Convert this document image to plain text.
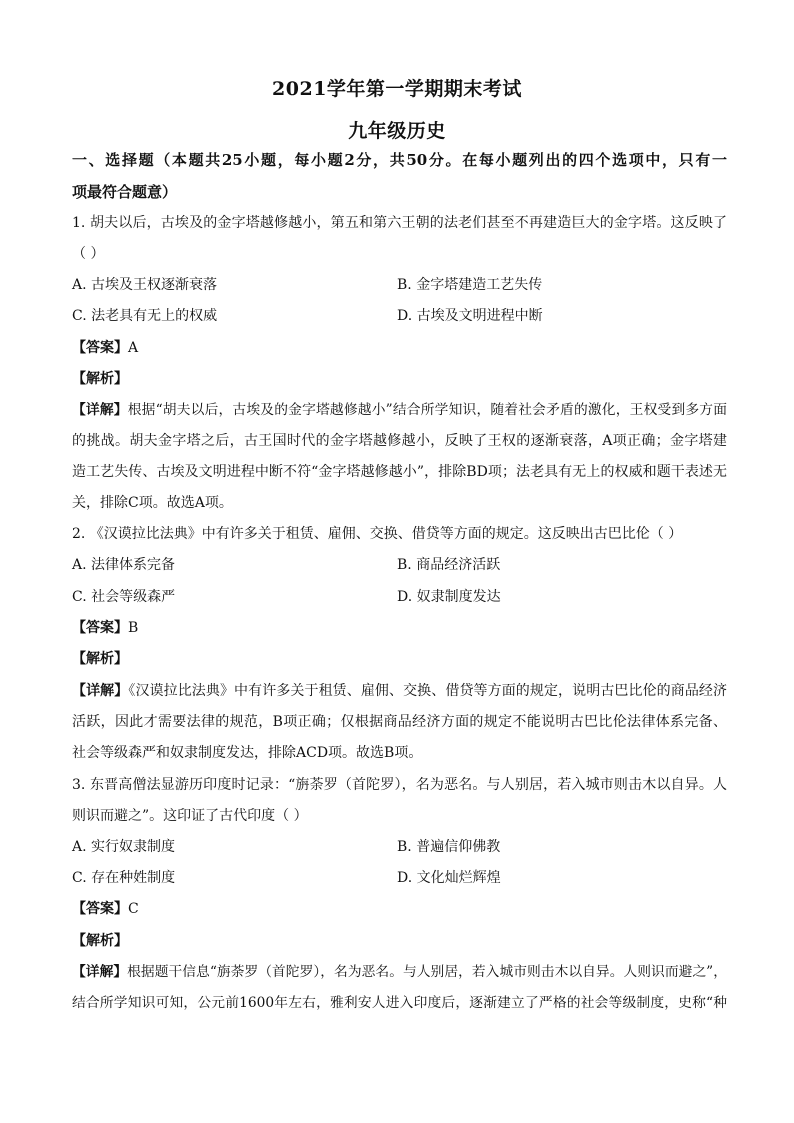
2021学年第一学期期末考试
九年级历史
一、选择题（本题共25小题，每小题2分，共50分。在每小题列出的四个选项中，只有一
项最符合题意）
1. 胡夫以后，古埃及的金字塔越修越小，第五和第六王朝的法老们甚至不再建造巨大的金字塔。这反映了
（ ）
A. 古埃及王权逐渐衰落	B. 金字塔建造工艺失传
C. 法老具有无上的权威	D. 古埃及文明进程中断
【答案】A
【解析】
【详解】根据“胡夫以后，古埃及的金字塔越修越小”结合所学知识，随着社会矛盾的激化，王权受到多方面
的挑战。胡夫金字塔之后，古王国时代的金字塔越修越小，反映了王权的逐渐衰落，A项正确；金字塔建
造工艺失传、古埃及文明进程中断不符“金字塔越修越小”，排除BD项；法老具有无上的权威和题干表述无
关，排除C项。故选A项。
2. 《汉谟拉比法典》中有许多关于租赁、雇佣、交换、借贷等方面的规定。这反映出古巴比伦（ ）
A. 法律体系完备	B. 商品经济活跃
C. 社会等级森严	D. 奴隶制度发达
【答案】B
【解析】
【详解】《汉谟拉比法典》中有许多关于租赁、雇佣、交换、借贷等方面的规定，说明古巴比伦的商品经济
活跃，因此才需要法律的规范，B项正确；仅根据商品经济方面的规定不能说明古巴比伦法律体系完备、
社会等级森严和奴隶制度发达，排除ACD项。故选B项。
3. 东晋高僧法显游历印度时记录：“旃荼罗（首陀罗），名为恶名。与人别居，若入城市则击木以自异。人
则识而避之”。这印证了古代印度（ ）
A. 实行奴隶制度	B. 普遍信仰佛教
C. 存在种姓制度	D. 文化灿烂辉煌
【答案】C
【解析】
【详解】根据题干信息“旃荼罗（首陀罗），名为恶名。与人别居，若入城市则击木以自异。人则识而避之”，
结合所学知识可知，公元前1600年左右，雅利安人进入印度后，逐渐建立了严格的社会等级制度，史称“种
